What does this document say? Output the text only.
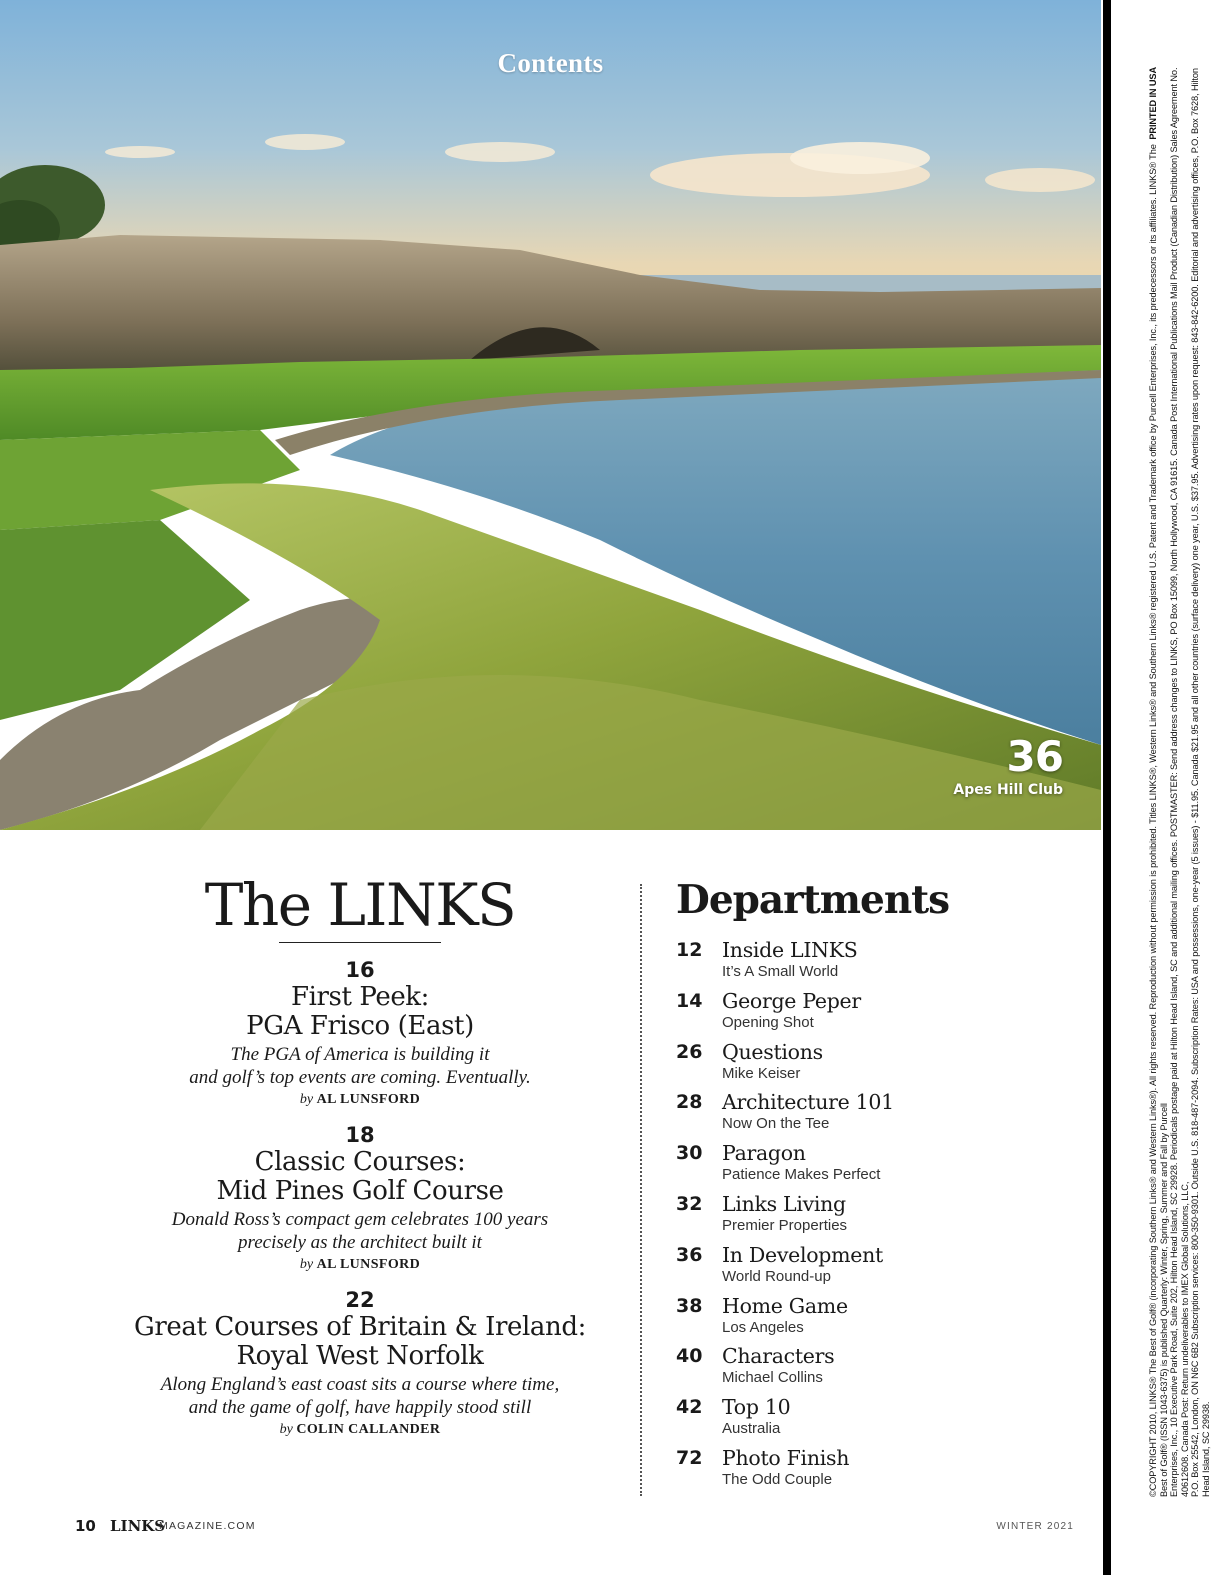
Contents
36
Apes Hill Club
PRINTED IN USA
©COPYRIGHT 2010, LINKS® The Best of Golf® (incorporating Southern Links® and Western Links®). All rights reserved. Reproduction without permission is prohibited. Titles LINKS®, Western Links® and Southern Links® registered U.S. Patent and Trademark office by Purcell Enterprises, Inc., its predecessors or its affiliates. LINKS® The Best of Golf® (ISSN 1043-6375) is published Quarterly: Winter, Spring, Summer and Fall by Purcell Enterprises, Inc., 10 Executive Park Road, Suite 202, Hilton Head Island, SC 29928. Periodicals postage paid at Hilton Head Island, SC and additional mailing offices. POSTMASTER: Send address changes to LINKS, PO Box 15099, North Hollywood, CA 91615. Canada Post International Publications Mail Product (Canadian Distribution) Sales Agreement No. 40612608. Canada Post: Return undeliverables to IMEX Global Solutions, LLC, P.O. Box 25542, London, ON N6C 6B2 Subscription services: 800-350-9301. Outside U.S. 818-487-2094. Subscription Rates: USA and possessions, one-year (5 issues) - $11.95. Canada $21.95 and all other countries (surface delivery) one year, U.S. $37.95. Advertising rates upon request: 843-842-6200. Editorial and advertising offices, P.O. Box 7628, Hilton Head Island, SC 29938.
The LINKS
16
First Peek:
PGA Frisco (East)
The PGA of America is building it
and golf’s top events are coming. Eventually.
by AL LUNSFORD
18
Classic Courses:
Mid Pines Golf Course
Donald Ross’s compact gem celebrates 100 years
precisely as the architect built it
by AL LUNSFORD
22
Great Courses of Britain & Ireland:
Royal West Norfolk
Along England’s east coast sits a course where time,
and the game of golf, have happily stood still
by COLIN CALLANDER
Departments
12 Inside LINKS
It’s A Small World
14 George Peper
Opening Shot
26 Questions
Mike Keiser
28 Architecture 101
Now On the Tee
30 Paragon
Patience Makes Perfect
32 Links Living
Premier Properties
36 In Development
World Round-up
38 Home Game
Los Angeles
40 Characters
Michael Collins
42 Top 10
Australia
72 Photo Finish
The Odd Couple
10 LINKS
MAGAZINE.COM	WINTER 2021
